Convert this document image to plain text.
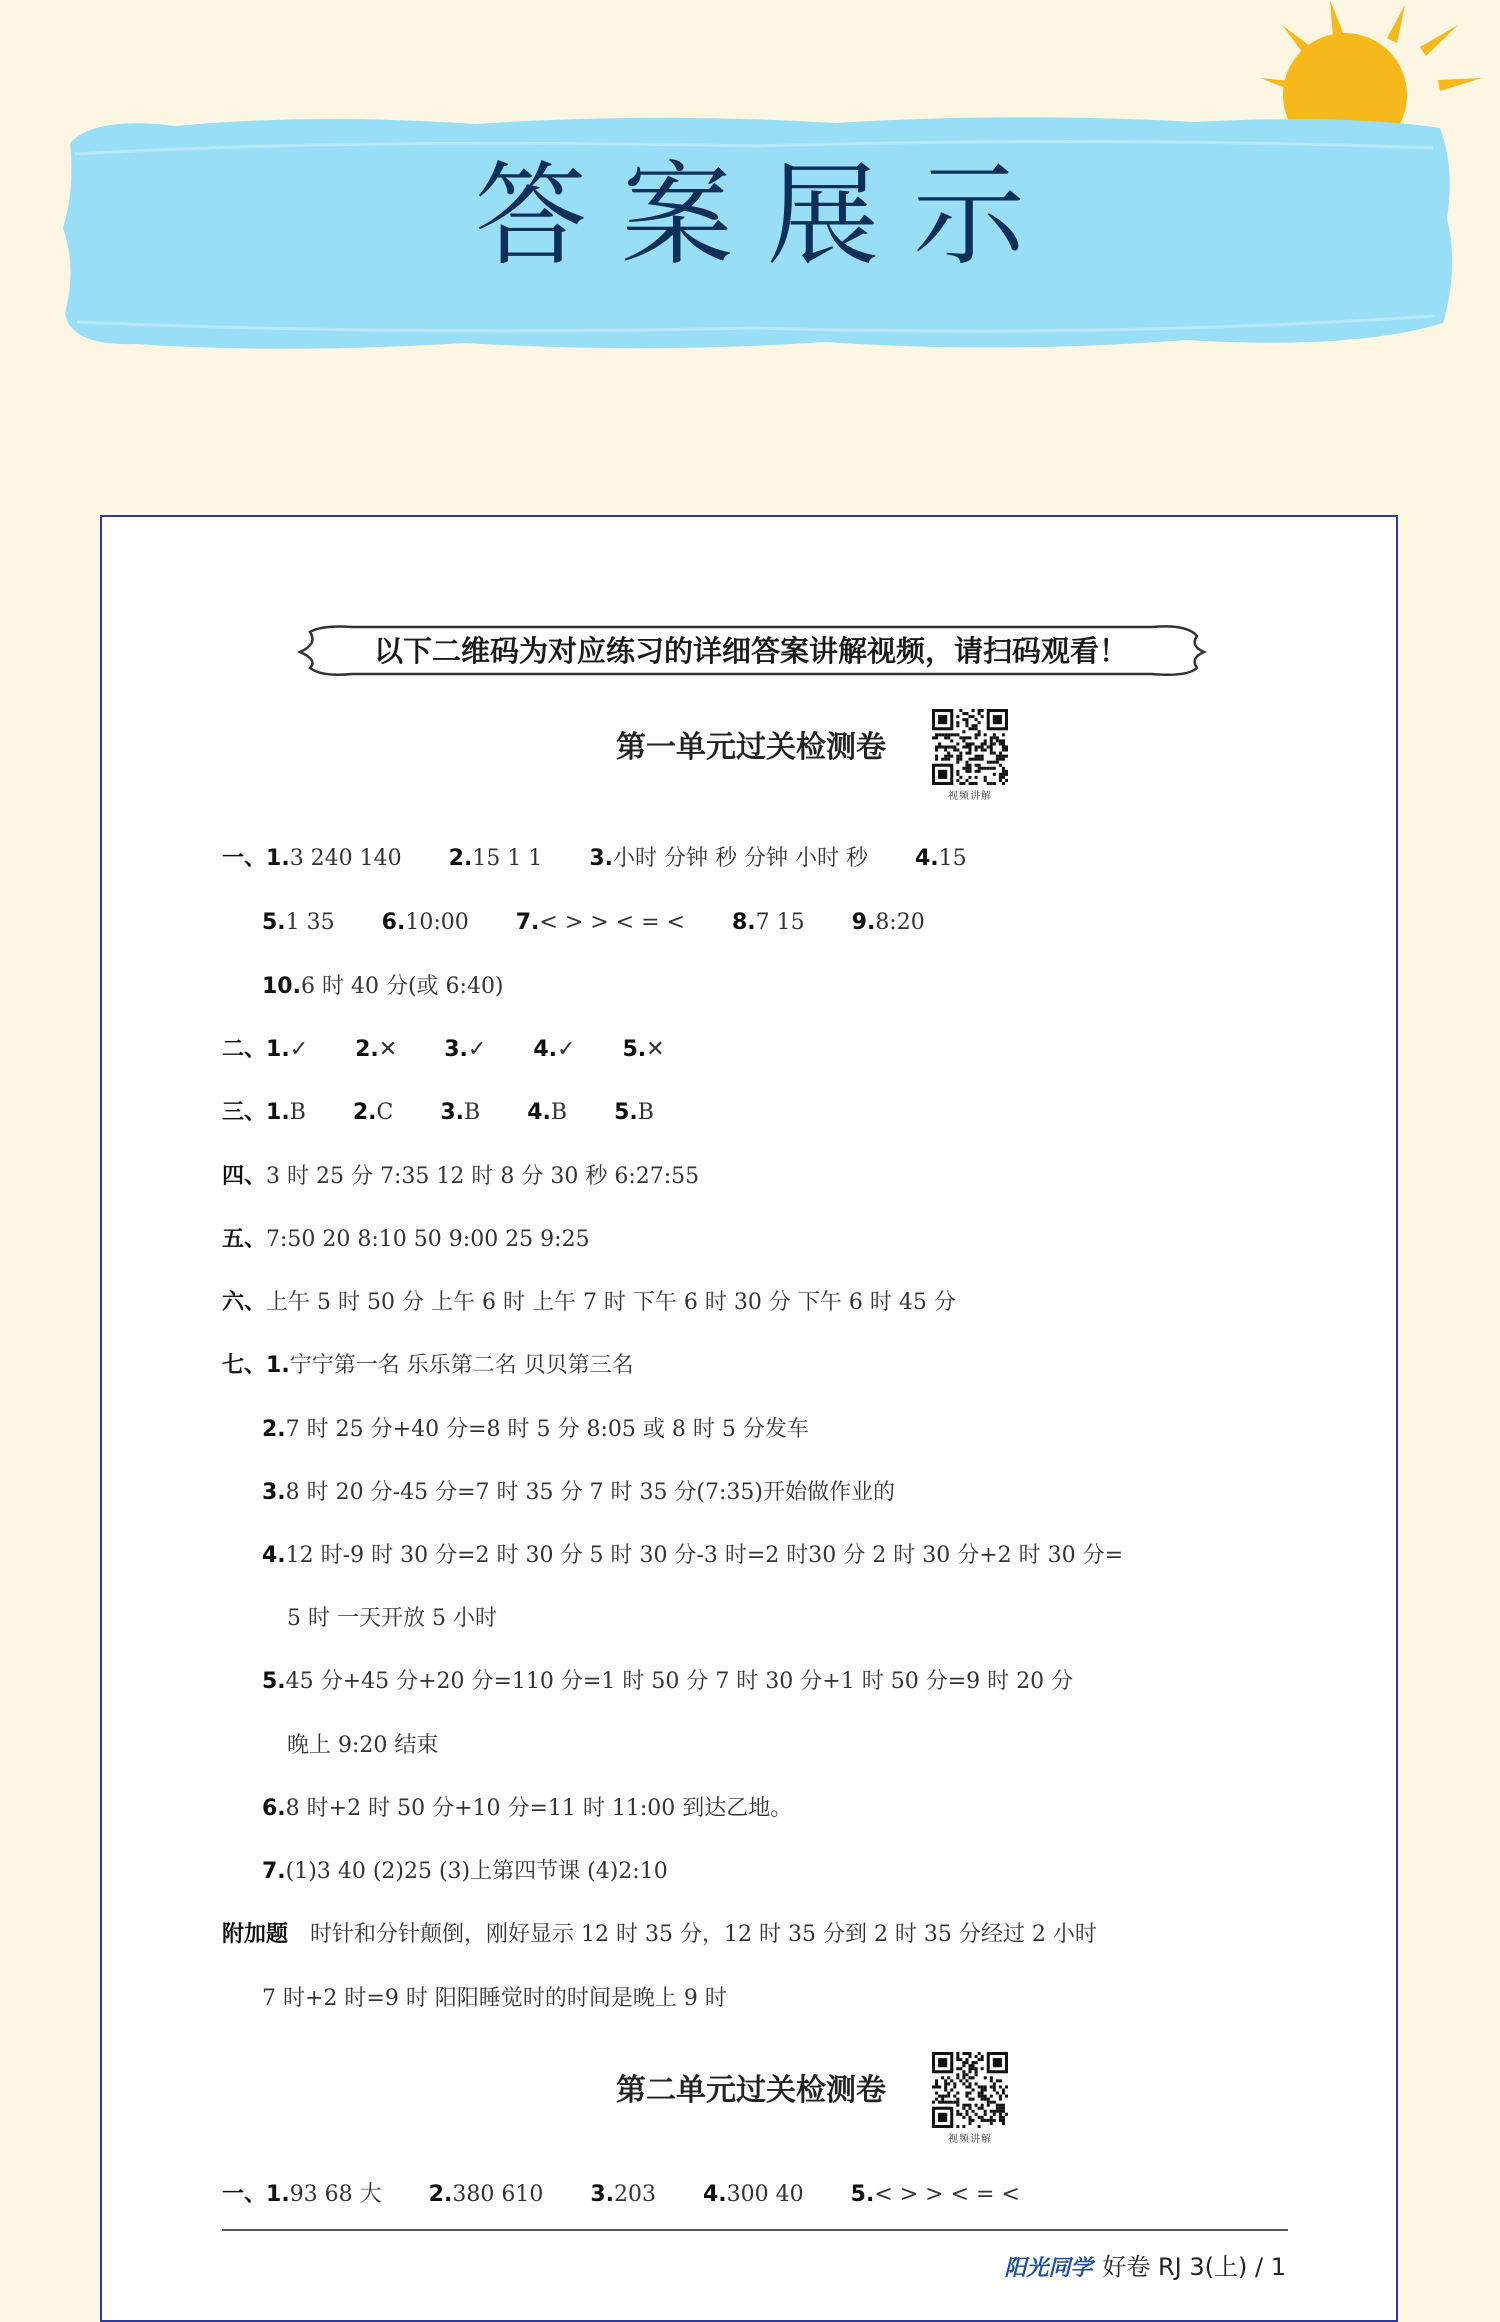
答案展示
以下二维码为对应练习的详细答案讲解视频，请扫码观看！
第一单元过关检测卷
视频讲解
一、1.3 240 140 2.15 1 1 3.小时 分钟 秒 分钟 小时 秒 4.15
5.1 35 6.10:00 7.< > > < = < 8.7 15 9.8:20
10.6 时 40 分(或 6:40)
二、1.✓ 2.✕ 3.✓ 4.✓ 5.✕
三、1.B 2.C 3.B 4.B 5.B
四、3 时 25 分 7:35 12 时 8 分 30 秒 6:27:55
五、7:50 20 8:10 50 9:00 25 9:25
六、上午 5 时 50 分 上午 6 时 上午 7 时 下午 6 时 30 分 下午 6 时 45 分
七、1.宁宁第一名 乐乐第二名 贝贝第三名
2.7 时 25 分+40 分=8 时 5 分 8:05 或 8 时 5 分发车
3.8 时 20 分-45 分=7 时 35 分 7 时 35 分(7:35)开始做作业的
4.12 时-9 时 30 分=2 时 30 分 5 时 30 分-3 时=2 时30 分 2 时 30 分+2 时 30 分=
5 时 一天开放 5 小时
5.45 分+45 分+20 分=110 分=1 时 50 分 7 时 30 分+1 时 50 分=9 时 20 分
晚上 9:20 结束
6.8 时+2 时 50 分+10 分=11 时 11:00 到达乙地。
7.(1)3 40 (2)25 (3)上第四节课 (4)2:10
附加题 时针和分针颠倒，刚好显示 12 时 35 分，12 时 35 分到 2 时 35 分经过 2 小时
7 时+2 时=9 时 阳阳睡觉时的时间是晚上 9 时
第二单元过关检测卷
视频讲解
一、1.93 68 大 2.380 610 3.203 4.300 40 5.< > > < = <
阳光同学 好卷 RJ 3(上) / 1
